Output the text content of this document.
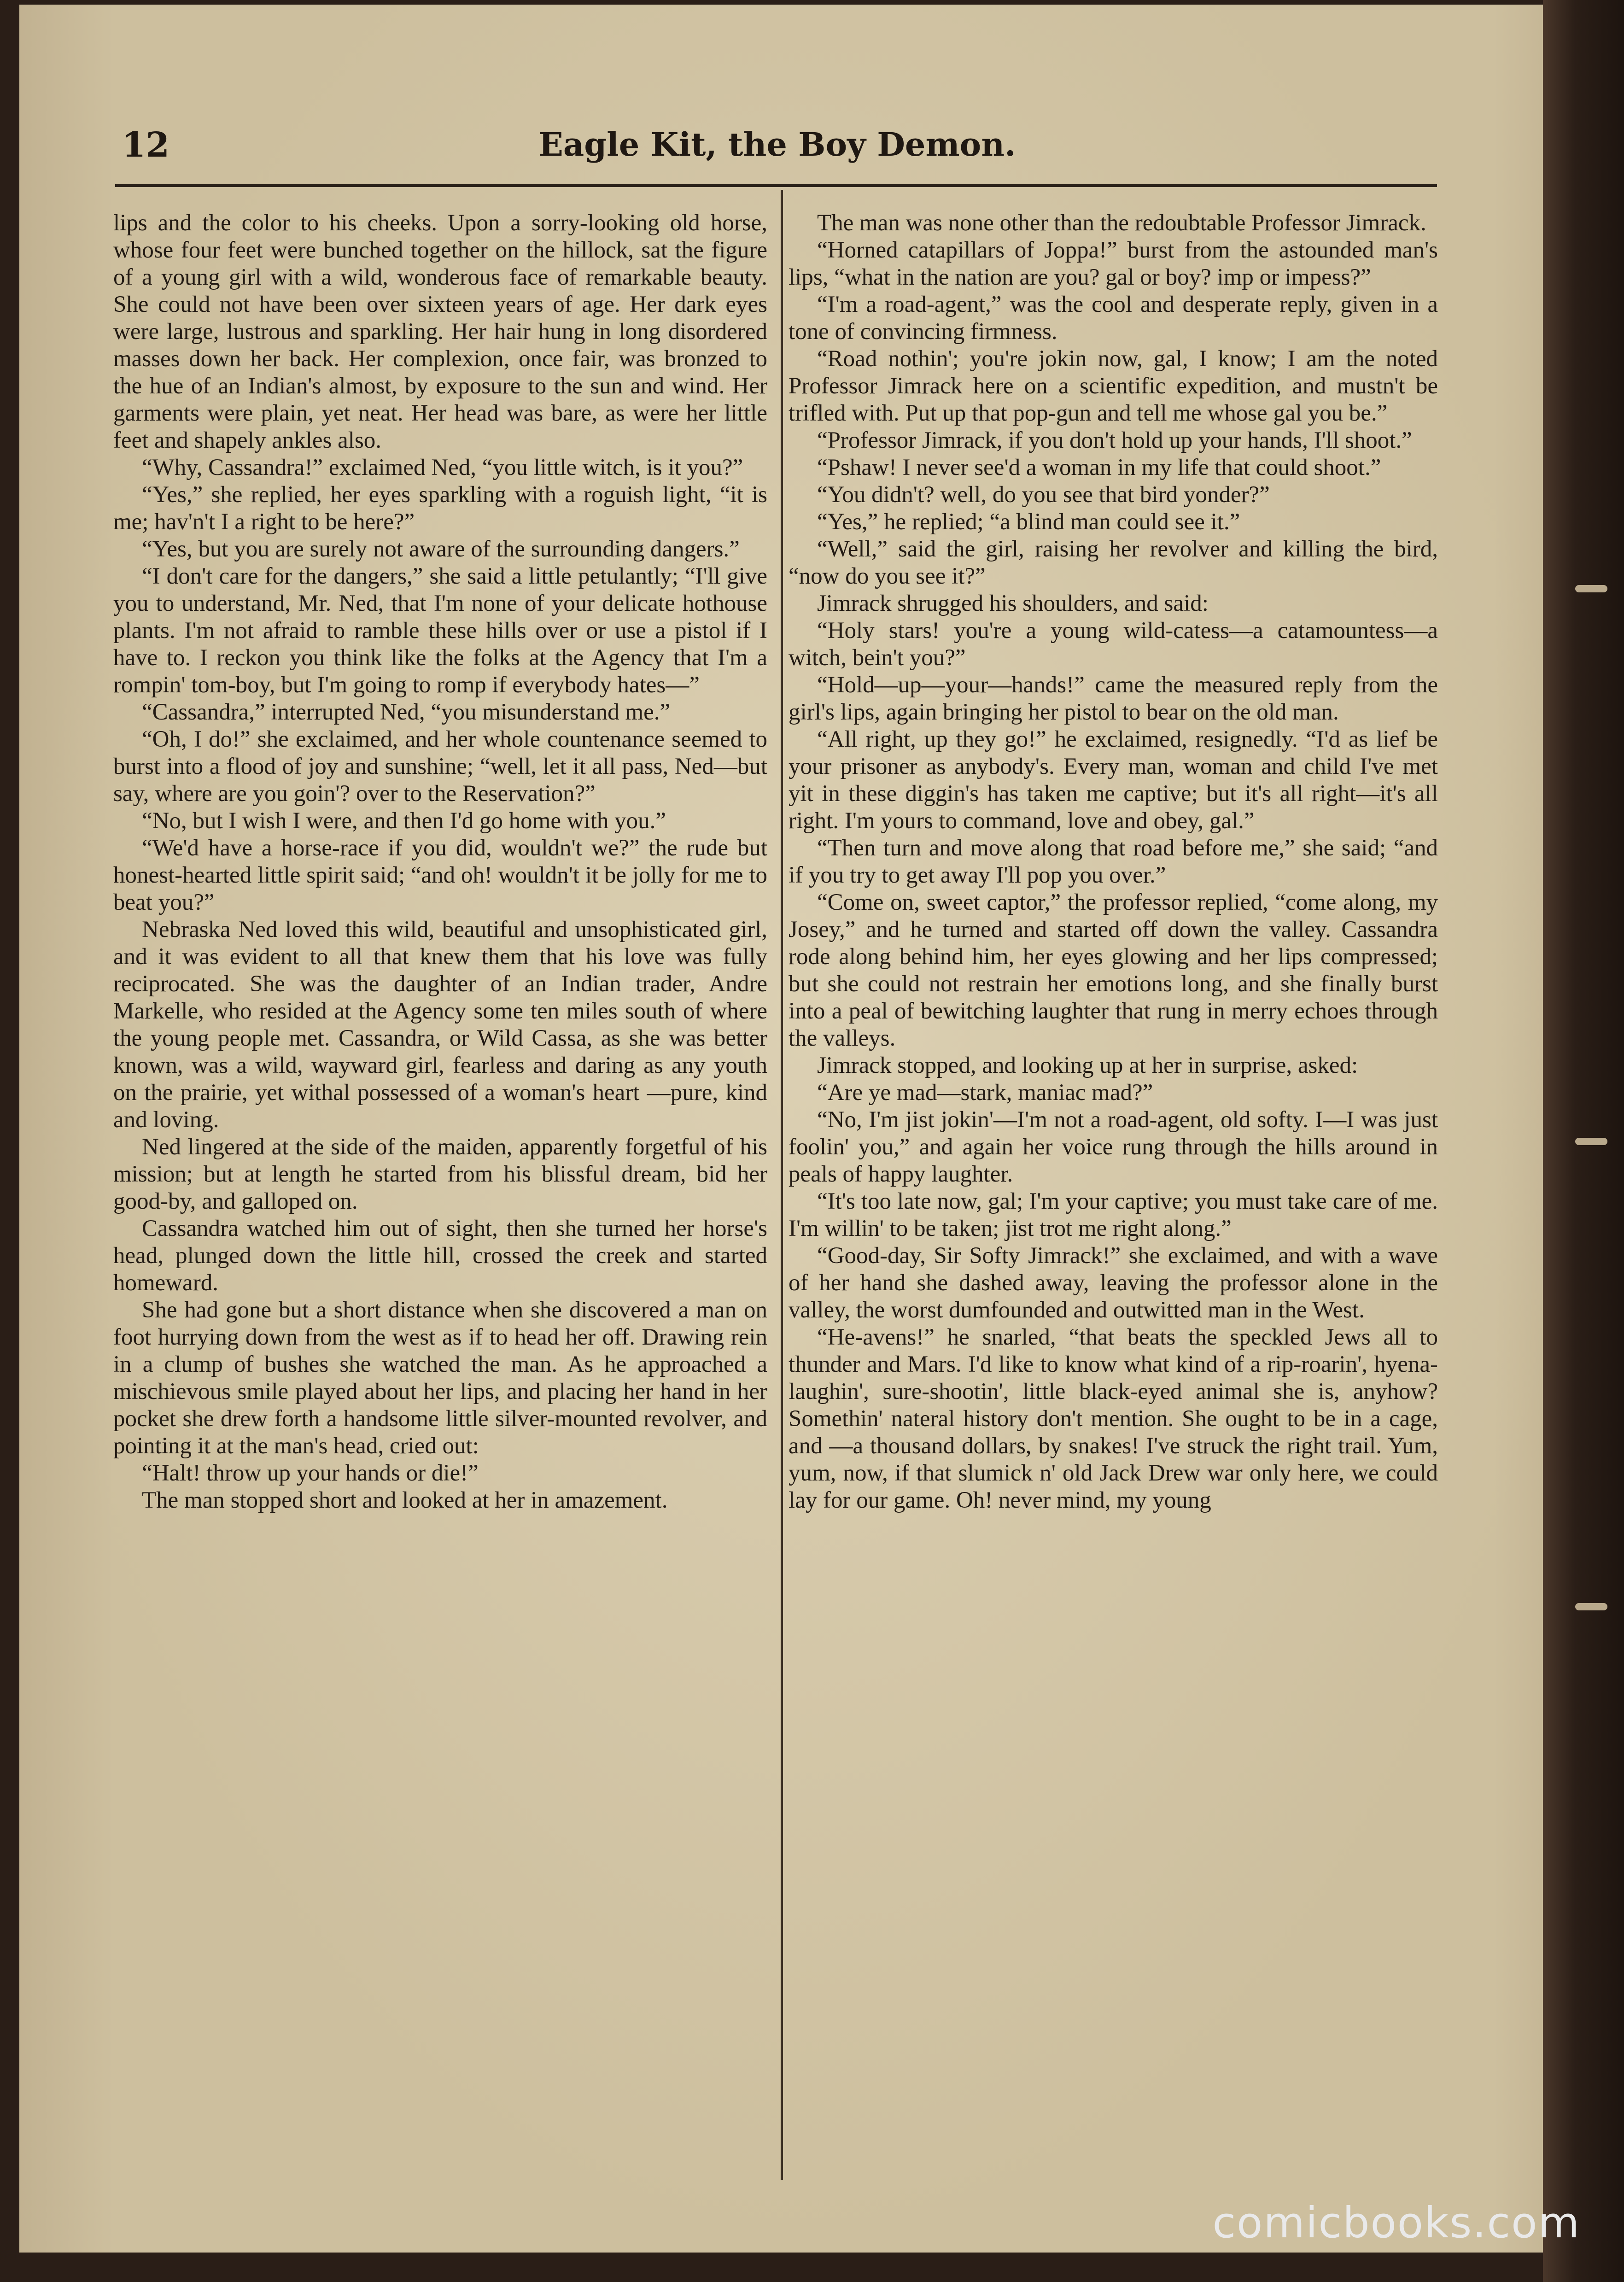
12	Eagle Kit, the Boy Demon.

lips and the color to his cheeks. Upon a sorry-looking old horse, whose four feet were bunched together on the hillock, sat the figure of a young girl with a wild, wonderous face of remarkable beauty. She could not have been over sixteen years of age. Her dark eyes were large, lustrous and sparkling. Her hair hung in long disordered masses down her back. Her complexion, once fair, was bronzed to the hue of an Indian's almost, by exposure to the sun and wind. Her garments were plain, yet neat. Her head was bare, as were her little feet and shapely ankles also.

“Why, Cassandra!” exclaimed Ned, “you little witch, is it you?”

“Yes,” she replied, her eyes sparkling with a roguish light, “it is me; hav'n't I a right to be here?”

“Yes, but you are surely not aware of the surrounding dangers.”

“I don't care for the dangers,” she said a little petulantly; “I'll give you to understand, Mr. Ned, that I'm none of your delicate hothouse plants. I'm not afraid to ramble these hills over or use a pistol if I have to. I reckon you think like the folks at the Agency that I'm a rompin' tom-boy, but I'm going to romp if everybody hates—”

“Cassandra,” interrupted Ned, “you misunderstand me.”

“Oh, I do!” she exclaimed, and her whole countenance seemed to burst into a flood of joy and sunshine; “well, let it all pass, Ned—but say, where are you goin'? over to the Reservation?”

“No, but I wish I were, and then I'd go home with you.”

“We'd have a horse-race if you did, wouldn't we?” the rude but honest-hearted little spirit said; “and oh! wouldn't it be jolly for me to beat you?”

Nebraska Ned loved this wild, beautiful and unsophisticated girl, and it was evident to all that knew them that his love was fully reciprocated. She was the daughter of an Indian trader, Andre Markelle, who resided at the Agency some ten miles south of where the young people met. Cassandra, or Wild Cassa, as she was better known, was a wild, wayward girl, fearless and daring as any youth on the prairie, yet withal possessed of a woman's heart —pure, kind and loving.

Ned lingered at the side of the maiden, apparently forgetful of his mission; but at length he started from his blissful dream, bid her good-by, and galloped on.

Cassandra watched him out of sight, then she turned her horse's head, plunged down the little hill, crossed the creek and started homeward.

She had gone but a short distance when she discovered a man on foot hurrying down from the west as if to head her off. Drawing rein in a clump of bushes she watched the man. As he approached a mischievous smile played about her lips, and placing her hand in her pocket she drew forth a handsome little silver-mounted revolver, and pointing it at the man's head, cried out:

“Halt! throw up your hands or die!”

The man stopped short and looked at her in amazement.

The man was none other than the redoubtable Professor Jimrack.

“Horned catapillars of Joppa!” burst from the astounded man's lips, “what in the nation are you? gal or boy? imp or impess?”

“I'm a road-agent,” was the cool and desperate reply, given in a tone of convincing firmness.

“Road nothin'; you're jokin now, gal, I know; I am the noted Professor Jimrack here on a scientific expedition, and mustn't be trifled with. Put up that pop-gun and tell me whose gal you be.”

“Professor Jimrack, if you don't hold up your hands, I'll shoot.”

“Pshaw! I never see'd a woman in my life that could shoot.”

“You didn't? well, do you see that bird yonder?”

“Yes,” he replied; “a blind man could see it.”

“Well,” said the girl, raising her revolver and killing the bird, “now do you see it?”

Jimrack shrugged his shoulders, and said:

“Holy stars! you're a young wild-catess—a catamountess—a witch, bein't you?”

“Hold—up—your—hands!” came the measured reply from the girl's lips, again bringing her pistol to bear on the old man.

“All right, up they go!” he exclaimed, resignedly. “I'd as lief be your prisoner as anybody's. Every man, woman and child I've met yit in these diggin's has taken me captive; but it's all right—it's all right. I'm yours to command, love and obey, gal.”

“Then turn and move along that road before me,” she said; “and if you try to get away I'll pop you over.”

“Come on, sweet captor,” the professor replied, “come along, my Josey,” and he turned and started off down the valley. Cassandra rode along behind him, her eyes glowing and her lips compressed; but she could not restrain her emotions long, and she finally burst into a peal of bewitching laughter that rung in merry echoes through the valleys.

Jimrack stopped, and looking up at her in surprise, asked:

“Are ye mad—stark, maniac mad?”

“No, I'm jist jokin'—I'm not a road-agent, old softy. I—I was just foolin' you,” and again her voice rung through the hills around in peals of happy laughter.

“It's too late now, gal; I'm your captive; you must take care of me. I'm willin' to be taken; jist trot me right along.”

“Good-day, Sir Softy Jimrack!” she exclaimed, and with a wave of her hand she dashed away, leaving the professor alone in the valley, the worst dumfounded and outwitted man in the West.

“He-avens!” he snarled, “that beats the speckled Jews all to thunder and Mars. I'd like to know what kind of a rip-roarin', hyena-laughin', sure-shootin', little black-eyed animal she is, anyhow? Somethin' nateral history don't mention. She ought to be in a cage, and —a thousand dollars, by snakes! I've struck the right trail. Yum, yum, now, if that slumick n' old Jack Drew war only here, we could lay for our game. Oh! never mind, my young

comicbooks.com
